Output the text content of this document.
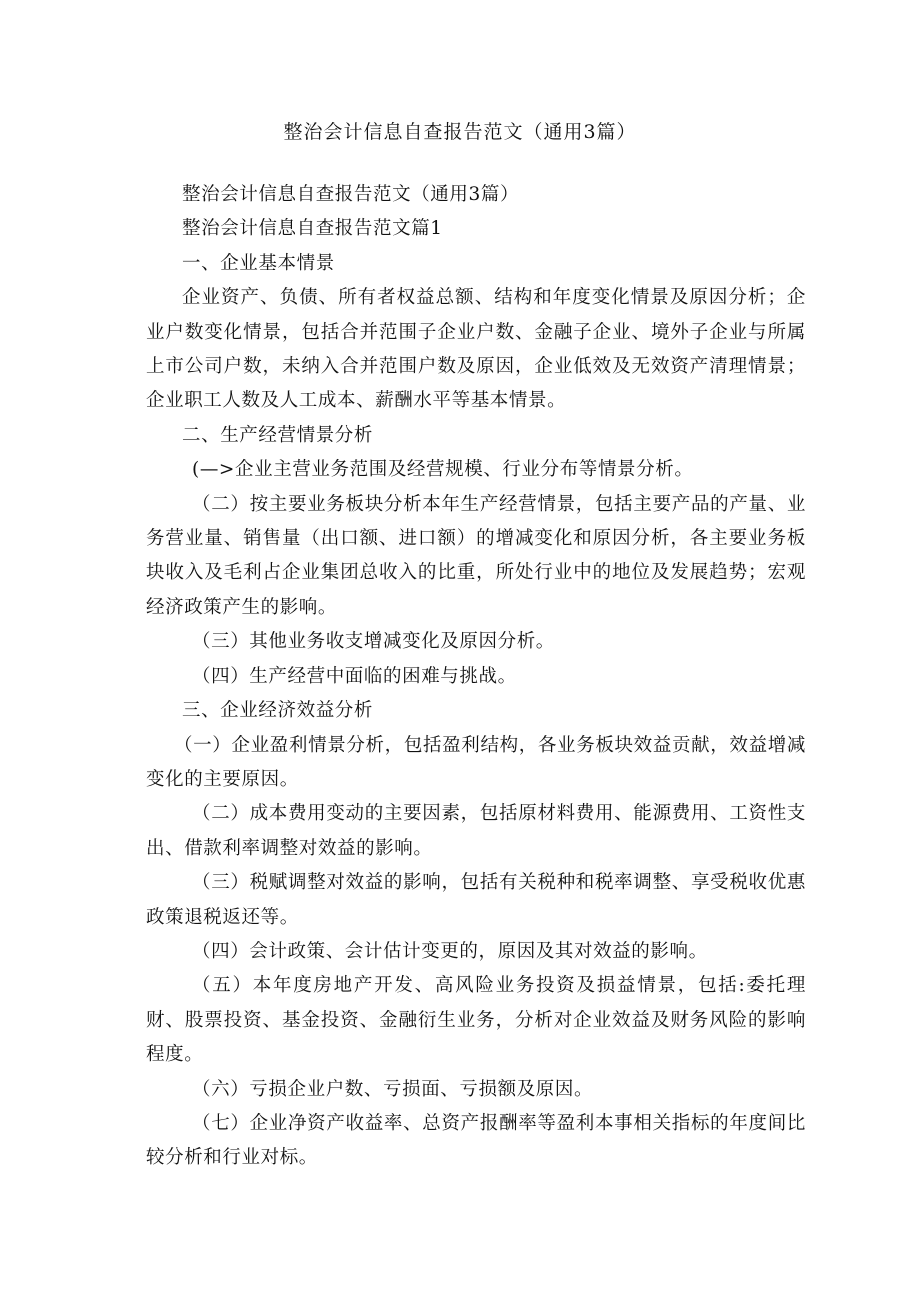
整治会计信息自查报告范文（通用3篇）

整治会计信息自查报告范文（通用3篇）

整治会计信息自查报告范文篇1

一、企业基本情景

企业资产、负债、所有者权益总额、结构和年度变化情景及原因分析；企业户数变化情景，包括合并范围子企业户数、金融子企业、境外子企业与所属上市公司户数，未纳入合并范围户数及原因，企业低效及无效资产清理情景；企业职工人数及人工成本、薪酬水平等基本情景。

二、生产经营情景分析

(—>企业主营业务范围及经营规模、行业分布等情景分析。

（二）按主要业务板块分析本年生产经营情景，包括主要产品的产量、业务营业量、销售量（出口额、进口额）的增减变化和原因分析，各主要业务板块收入及毛利占企业集团总收入的比重，所处行业中的地位及发展趋势；宏观经济政策产生的影响。

（三）其他业务收支增减变化及原因分析。

（四）生产经营中面临的困难与挑战。

三、企业经济效益分析

（一）企业盈利情景分析，包括盈利结构，各业务板块效益贡献，效益增减变化的主要原因。

（二）成本费用变动的主要因素，包括原材料费用、能源费用、工资性支出、借款利率调整对效益的影响。

（三）税赋调整对效益的影响，包括有关税种和税率调整、享受税收优惠政策退税返还等。

（四）会计政策、会计估计变更的，原因及其对效益的影响。

（五）本年度房地产开发、高风险业务投资及损益情景，包括:委托理财、股票投资、基金投资、金融衍生业务，分析对企业效益及财务风险的影响程度。

（六）亏损企业户数、亏损面、亏损额及原因。

（七）企业净资产收益率、总资产报酬率等盈利本事相关指标的年度间比较分析和行业对标。
